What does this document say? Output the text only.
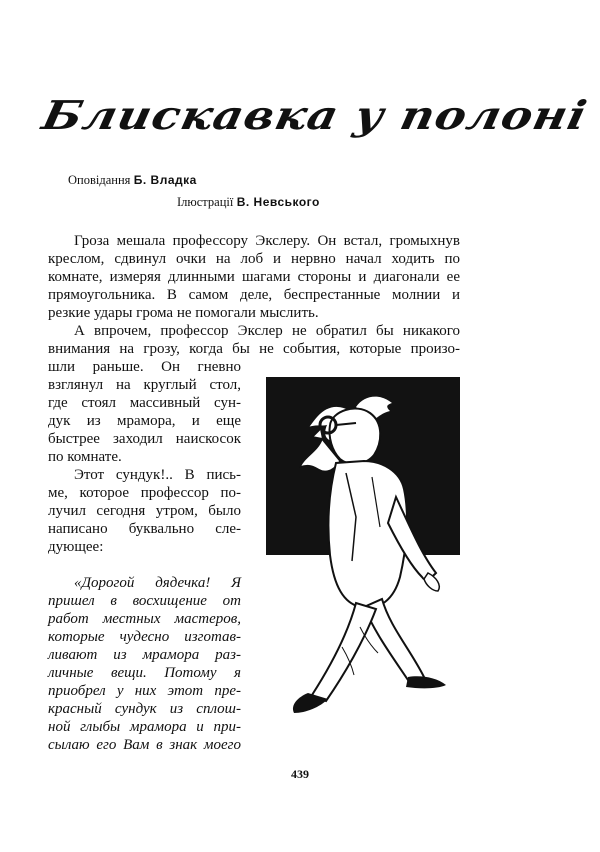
Блискавка у полоні
Оповідання Б. Владка
Ілюстрації В. Невського
Гроза мешала профессору Экслеру. Он встал, громыхнув
креслом, сдвинул очки на лоб и нервно начал ходить по
комнате, измеряя длинными шагами стороны и диагонали ее
прямоугольника. В самом деле, беспрестанные молнии и
резкие удары грома не помогали мыслить.
А впрочем, профессор Экслер не обратил бы никакого
внимания на грозу, когда бы не события, которые произо-
шли раньше. Он гневно
взглянул на круглый стол,
где стоял массивный сун-
дук из мрамора, и еще
быстрее заходил наискосок
по комнате.
Этот сундук!.. В пись-
ме, которое профессор по-
лучил сегодня утром, было
написано буквально сле-
дующее:
«Дорогой дядечка! Я
пришел в восхищение от
работ местных мастеров,
которые чудесно изготав-
ливают из мрамора раз-
личные вещи. Потому я
приобрел у них этот пре-
красный сундук из сплош-
ной глыбы мрамора и при-
сылаю его Вам в знак моего
439
